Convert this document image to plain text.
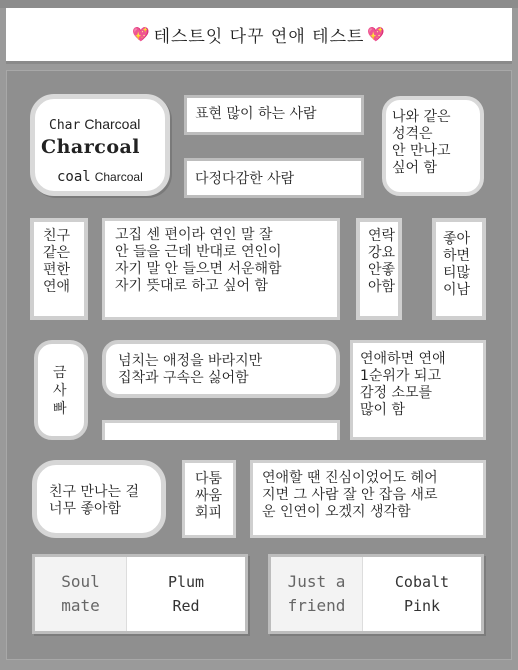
💖 테스트잇 다꾸 연애 테스트 💖
Char Charcoal
Charcoal
coal Charcoal
표현 많이 하는 사람
다정다감한 사람
나와 같은
성격은
안 만나고
싶어 함
친구
같은
편한
연애
고집 센 편이라 연인 말 잘
안 들을 근데 반대로 연인이
자기 말 안 들으면 서운해함
자기 뜻대로 하고 싶어 함
연락
강요
안좋
아함
좋아
하면
티많
이남
금
사
빠
넘치는 애정을 바라지만
집착과 구속은 싫어함
연애하면 연애
1순위가 되고
감정 소모를
많이 함
친구 만나는 걸
너무 좋아함
다툼
싸움
회피
연애할 땐 진심이었어도 헤어
지면 그 사람 잘 안 잡음 새로
운 인연이 오겠지 생각함
Soul
mate
Plum
Red
Just a
friend
Cobalt
Pink
